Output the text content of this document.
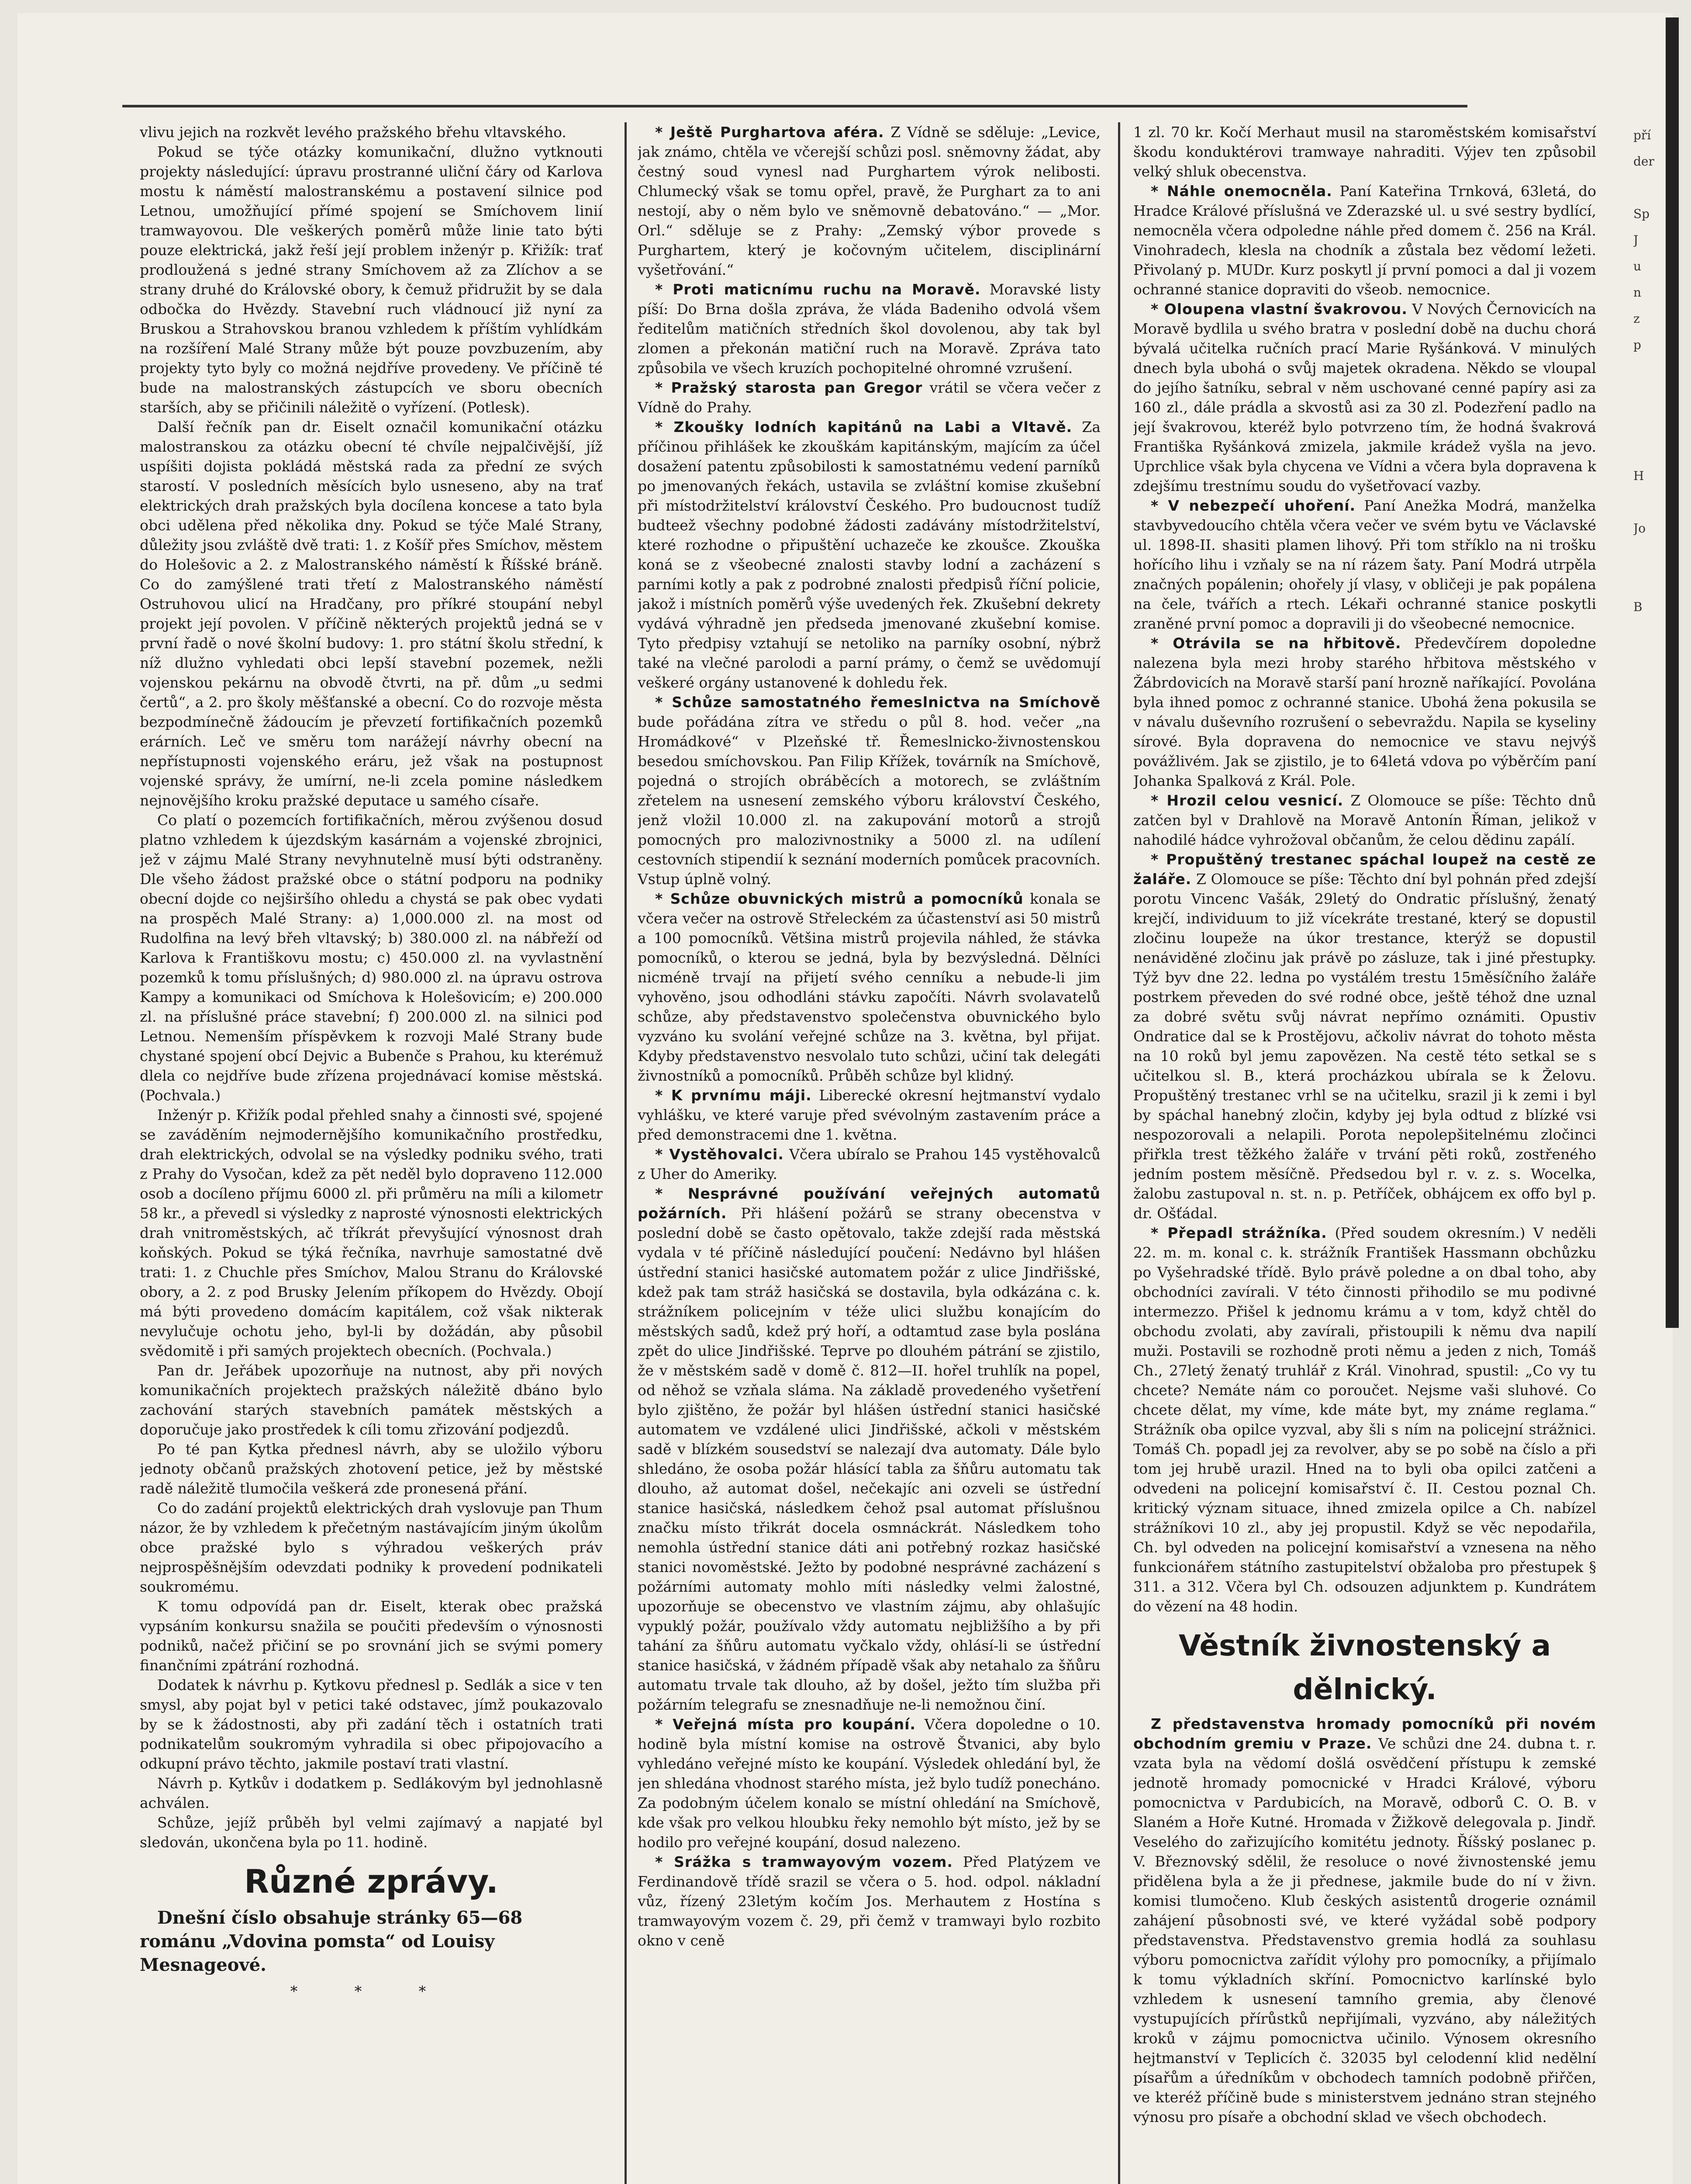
vlivu jejich na rozkvět levého pražského břehu vltavského.

Pokud se týče otázky komunikační, dlužno vytknouti projekty následující: úpravu prostranné uliční čáry od Karlova mostu k náměstí malostranskému a postavení silnice pod Letnou, umožňující přímé spojení se Smíchovem linií tramwayovou. Dle veškerých poměrů může linie tato býti pouze elektrická, jakž řeší její problem inženýr p. Křižík: trať prodloužená s jedné strany Smíchovem až za Zlíchov a se strany druhé do Královské obory, k čemuž přidružit by se dala odbočka do Hvězdy. Stavební ruch vládnoucí již nyní za Bruskou a Strahovskou branou vzhledem k příštím vyhlídkám na rozšíření Malé Strany může být pouze povzbuzením, aby projekty tyto byly co možná nejdříve provedeny. Ve příčině té bude na malostranských zástupcích ve sboru obecních starších, aby se přičinili náležitě o vyřízení. (Potlesk).

Další řečník pan dr. Eiselt označil komunikační otázku malostranskou za otázku obecní té chvíle nejpalčivější, jíž uspíšiti dojista pokládá městská rada za přední ze svých starostí. V posledních měsících bylo usneseno, aby na trať elektrických drah pražských byla docílena koncese a tato byla obci udělena před několika dny. Pokud se týče Malé Strany, důležity jsou zvláště dvě trati: 1. z Košíř přes Smíchov, městem do Holešovic a 2. z Malostranského náměstí k Říšské bráně. Co do zamýšlené trati třetí z Malostranského náměstí Ostruhovou ulicí na Hradčany, pro příkré stoupání nebyl projekt její povolen. V příčině některých projektů jedná se v první řadě o nové školní budovy: 1. pro státní školu střední, k níž dlužno vyhledati obci lepší stavební pozemek, nežli vojenskou pekárnu na obvodě čtvrti, na př. dům „u sedmi čertů“, a 2. pro školy měšťanské a obecní. Co do rozvoje města bezpodmínečně žádoucím je převzetí fortifikačních pozemků erárních. Leč ve směru tom narážejí návrhy obecní na nepřístupnosti vojenského eráru, jež však na postupnost vojenské správy, že umírní, ne-li zcela pomine následkem nejnovějšího kroku pražské deputace u samého císaře.

Co platí o pozemcích fortifikačních, měrou zvýšenou dosud platno vzhledem k újezdským kasárnám a vojenské zbrojnici, jež v zájmu Malé Strany nevyhnutelně musí býti odstraněny. Dle všeho žádost pražské obce o státní podporu na podniky obecní dojde co nejširšího ohledu a chystá se pak obec vydati na prospěch Malé Strany: a) 1,000.000 zl. na most od Rudolfina na levý břeh vltavský; b) 380.000 zl. na nábřeží od Karlova k Františkovu mostu; c) 450.000 zl. na vyvlastnění pozemků k tomu příslušných; d) 980.000 zl. na úpravu ostrova Kampy a komunikaci od Smíchova k Holešovicím; e) 200.000 zl. na příslušné práce stavební; f) 200.000 zl. na silnici pod Letnou. Nemenším příspěvkem k rozvoji Malé Strany bude chystané spojení obcí Dejvic a Bubenče s Prahou, ku kterémuž dlela co nejdříve bude zřízena projednávací komise městská. (Pochvala.)

Inženýr p. Křižík podal přehled snahy a činnosti své, spojené se zaváděním nejmodernějšího komunikačního prostředku, drah elektrických, odvolal se na výsledky podniku svého, trati z Prahy do Vysočan, kdež za pět neděl bylo dopraveno 112.000 osob a docíleno příjmu 6000 zl. při průměru na míli a kilometr 58 kr., a převedl si výsledky z naprosté výnosnosti elektrických drah vnitroměstských, ač tříkrát převyšující výnosnost drah koňských. Pokud se týká řečníka, navrhuje samostatné dvě trati: 1. z Chuchle přes Smíchov, Malou Stranu do Královské obory, a 2. z pod Brusky Jelením příkopem do Hvězdy. Obojí má býti provedeno domácím kapitálem, což však nikterak nevylučuje ochotu jeho, byl-li by dožádán, aby působil svědomitě i při samých projektech obecních. (Pochvala.)

Pan dr. Jeřábek upozorňuje na nutnost, aby při nových komunikačních projektech pražských náležitě dbáno bylo zachování starých stavebních památek městských a doporučuje jako prostředek k cíli tomu zřizování podjezdů.

Po té pan Kytka přednesl návrh, aby se uložilo výboru jednoty občanů pražských zhotovení petice, jež by městské radě náležitě tlumočila veškerá zde pronesená přání.

Co do zadání projektů elektrických drah vyslovuje pan Thum názor, že by vzhledem k přečetným nastávajícím jiným úkolům obce pražské bylo s výhradou veškerých práv nejprospěšnějším odevzdati podniky k provedení podnikateli soukromému.

K tomu odpovídá pan dr. Eiselt, kterak obec pražská vypsáním konkursu snažila se poučiti především o výnosnosti podniků, načež přičiní se po srovnání jich se svými pomery finančními zpátrání rozhodná.

Dodatek k návrhu p. Kytkovu přednesl p. Sedlák a sice v ten smysl, aby pojat byl v petici také odstavec, jímž poukazovalo by se k žádostnosti, aby při zadání těch i ostatních trati podnikatelům soukromým vyhradila si obec připojovacího a odkupní právo těchto, jakmile postaví trati vlastní.

Návrh p. Kytkův i dodatkem p. Sedlákovým byl jednohlasně achválen.

Schůze, jejíž průběh byl velmi zajímavý a napjaté byl sledován, ukončena byla po 11. hodině.

Různé zprávy.

Dnešní číslo obsahuje stránky 65—68 románu „Vdovina pomsta“ od Louisy Mesnageové.

* * *

* Ještě Purghartova aféra. Z Vídně se sděluje: „Levice, jak známo, chtěla ve včerejší schůzi posl. sněmovny žádat, aby čestný soud vynesl nad Purghartem výrok nelibosti. Chlumecký však se tomu opřel, pravě, že Purghart za to ani nestojí, aby o něm bylo ve sněmovně debatováno.“ — „Mor. Orl.“ sděluje se z Prahy: „Zemský výbor provede s Purghartem, který je kočovným učitelem, disciplinární vyšetřování.“

* Proti maticnímu ruchu na Moravě. Moravské listy píší: Do Brna došla zpráva, že vláda Badeniho odvolá všem ředitelům matičních středních škol dovolenou, aby tak byl zlomen a překonán matiční ruch na Moravě. Zpráva tato způsobila ve všech kruzích pochopitelné ohromné vzrušení.

* Pražský starosta pan Gregor vrátil se včera večer z Vídně do Prahy.

* Zkoušky lodních kapitánů na Labi a Vltavě. Za příčinou přihlášek ke zkouškám kapitánským, majícím za účel dosažení patentu způsobilosti k samostatnému vedení parníků po jmenovaných řekách, ustavila se zvláštní komise zkušební při místodržitelství království Českého. Pro budoucnost tudíž budteež všechny podobné žádosti zadávány místodržitelství, které rozhodne o připuštění uchazeče ke zkoušce. Zkouška koná se z všeobecné znalosti stavby lodní a zacházení s parními kotly a pak z podrobné znalosti předpisů říční policie, jakož i místních poměrů výše uvedených řek. Zkušební dekrety vydává výhradně jen předseda jmenované zkušební komise. Tyto předpisy vztahují se netoliko na parníky osobní, nýbrž také na vlečné parolodi a parní prámy, o čemž se uvědomují veškeré orgány ustanovené k dohledu řek.

* Schůze samostatného řemeslnictva na Smíchově bude pořádána zítra ve středu o půl 8. hod. večer „na Hromádkové“ v Plzeňské tř. Řemeslnicko-živnostenskou besedou smíchovskou. Pan Filip Křížek, továrník na Smíchově, pojedná o strojích obráběcích a motorech, se zvláštním zřetelem na usnesení zemského výboru království Českého, jenž vložil 10.000 zl. na zakupování motorů a strojů pomocných pro malozivnostniky a 5000 zl. na udílení cestovních stipendií k seznání moderních pomůcek pracovních. Vstup úplně volný.

* Schůze obuvnických mistrů a pomocníků konala se včera večer na ostrově Střeleckém za účastenství asi 50 mistrů a 100 pomocníků. Většina mistrů projevila náhled, že stávka pomocníků, o kterou se jedná, byla by bezvýsledná. Dělníci nicméně trvají na přijetí svého cenníku a nebude-li jim vyhověno, jsou odhodláni stávku započíti. Návrh svolavatelů schůze, aby představenstvo společenstva obuvnického bylo vyzváno ku svolání veřejné schůze na 3. května, byl přijat. Kdyby představenstvo nesvolalo tuto schůzi, učiní tak delegáti živnostníků a pomocníků. Průběh schůze byl klidný.

* K prvnímu máji. Liberecké okresní hejtmanství vydalo vyhlášku, ve které varuje před svévolným zastavením práce a před demonstracemi dne 1. května.

* Vystěhovalci. Včera ubíralo se Prahou 145 vystěhovalců z Uher do Ameriky.

* Nesprávné používání veřejných automatů požárních. Při hlášení požárů se strany obecenstva v poslední době se často opětovalo, takže zdejší rada městská vydala v té příčině následující poučení: Nedávno byl hlášen ústřední stanici hasičské automatem požár z ulice Jindřišské, kdež pak tam stráž hasičská se dostavila, byla odkázána c. k. strážníkem policejním v téže ulici službu konajícím do městských sadů, kdež prý hoří, a odtamtud zase byla poslána zpět do ulice Jindřišské. Teprve po dlouhém pátrání se zjistilo, že v městském sadě v domě č. 812—II. hořel truhlík na popel, od něhož se vzňala sláma. Na základě provedeného vyšetření bylo zjištěno, že požár byl hlášen ústřední stanici hasičské automatem ve vzdálené ulici Jindřišské, ačkoli v městském sadě v blízkém sousedství se nalezají dva automaty. Dále bylo shledáno, že osoba požár hlásící tabla za šňůru automatu tak dlouho, až automat došel, nečekajíc ani ozveli se ústřední stanice hasičská, následkem čehož psal automat příslušnou značku místo třikrát docela osmnáckrát. Následkem toho nemohla ústřední stanice dáti ani potřebný rozkaz hasičské stanici novoměstské. Ježto by podobné nesprávné zacházení s požárními automaty mohlo míti následky velmi žalostné, upozorňuje se obecenstvo ve vlastním zájmu, aby ohlašujíc vypuklý požár, používalo vždy automatu nejbližšího a by při tahání za šňůru automatu vyčkalo vždy, ohlásí-li se ústřední stanice hasičská, v žádném případě však aby netahalo za šňůru automatu trvale tak dlouho, až by došel, ježto tím služba při požárním telegrafu se znesnadňuje ne-li nemožnou činí.

* Veřejná místa pro koupání. Včera dopoledne o 10. hodině byla místní komise na ostrově Štvanici, aby bylo vyhledáno veřejné místo ke koupání. Výsledek ohledání byl, že jen shledána vhodnost starého místa, jež bylo tudíž ponecháno. Za podobným účelem konalo se místní ohledání na Smíchově, kde však pro velkou hloubku řeky nemohlo být místo, jež by se hodilo pro veřejné koupání, dosud nalezeno.

* Srážka s tramwayovým vozem. Před Platýzem ve Ferdinandově třídě srazil se včera o 5. hod. odpol. nákladní vůz, řízený 23letým kočím Jos. Merhautem z Hostína s tramwayovým vozem č. 29, při čemž v tramwayi bylo rozbito okno v ceně

1 zl. 70 kr. Kočí Merhaut musil na staroměstském komisařství škodu konduktérovi tramwaye nahraditi. Výjev ten způsobil velký shluk obecenstva.

* Náhle onemocněla. Paní Kateřina Trnková, 63letá, do Hradce Králové příslušná ve Zderazské ul. u své sestry bydlící, nemocněla včera odpoledne náhle před domem č. 256 na Král. Vinohradech, klesla na chodník a zůstala bez vědomí ležeti. Přivolaný p. MUDr. Kurz poskytl jí první pomoci a dal ji vozem ochranné stanice dopraviti do všeob. nemocnice.

* Oloupena vlastní švakrovou. V Nových Černovicích na Moravě bydlila u svého bratra v poslední době na duchu chorá bývalá učitelka ručních prací Marie Ryšánková. V minulých dnech byla ubohá o svůj majetek okradena. Někdo se vloupal do jejího šatníku, sebral v něm uschované cenné papíry asi za 160 zl., dále prádla a skvostů asi za 30 zl. Podezření padlo na její švakrovou, kteréž bylo potvrzeno tím, že hodná švakrová Františka Ryšánková zmizela, jakmile krádež vyšla na jevo. Uprchlice však byla chycena ve Vídni a včera byla dopravena k zdejšímu trestnímu soudu do vyšetřovací vazby.

* V nebezpečí uhoření. Paní Anežka Modrá, manželka stavbyvedoucího chtěla včera večer ve svém bytu ve Václavské ul. 1898-II. shasiti plamen lihový. Při tom stříklo na ni trošku hořícího lihu i vzňaly se na ní rázem šaty. Paní Modrá utrpěla značných popálenin; ohořely jí vlasy, v obličeji je pak popálena na čele, tvářích a rtech. Lékaři ochranné stanice poskytli zraněné první pomoc a dopravili ji do všeobecné nemocnice.

* Otrávila se na hřbitově. Předevčírem dopoledne nalezena byla mezi hroby starého hřbitova městského v Žábrdovicích na Moravě starší paní hrozně naříkající. Povolána byla ihned pomoc z ochranné stanice. Ubohá žena pokusila se v návalu duševního rozrušení o sebevraždu. Napila se kyseliny sírové. Byla dopravena do nemocnice ve stavu nejvýš povážlivém. Jak se zjistilo, je to 64letá vdova po výběrčím paní Johanka Spalková z Král. Pole.

* Hrozil celou vesnicí. Z Olomouce se píše: Těchto dnů zatčen byl v Drahlově na Moravě Antonín Říman, jelikož v nahodilé hádce vyhrožoval občanům, že celou dědinu zapálí.

* Propuštěný trestanec spáchal loupež na cestě ze žaláře. Z Olomouce se píše: Těchto dní byl pohnán před zdejší porotu Vincenc Vašák, 29letý do Ondratic příslušný, ženatý krejčí, individuum to již vícekráte trestané, který se dopustil zločinu loupeže na úkor trestance, kterýž se dopustil nenáviděné zločinu jak právě po zásluze, tak i jiné přestupky. Týž byv dne 22. ledna po vystálém trestu 15měsíčního žaláře postrkem převeden do své rodné obce, ještě téhož dne uznal za dobré světu svůj návrat nepřímo oznámiti. Opustiv Ondratice dal se k Prostějovu, ačkoliv návrat do tohoto města na 10 roků byl jemu zapovězen. Na cestě této setkal se s učitelkou sl. B., která procházkou ubírala se k Želovu. Propuštěný trestanec vrhl se na učitelku, srazil ji k zemi i byl by spáchal hanebný zločin, kdyby jej byla odtud z blízké vsi nespozorovali a nelapili. Porota nepolepšitelnému zločinci přiřkla trest těžkého žaláře v trvání pěti roků, zostřeného jedním postem měsíčně. Předsedou byl r. v. z. s. Wocelka, žalobu zastupoval n. st. n. p. Petříček, obhájcem ex offo byl p. dr. Ošťádal.

* Přepadl strážníka. (Před soudem okresním.) V neděli 22. m. m. konal c. k. strážník František Hassmann obchůzku po Vyšehradské třídě. Bylo právě poledne a on dbal toho, aby obchodníci zavírali. V této činnosti přihodilo se mu podivné intermezzo. Přišel k jednomu krámu a v tom, když chtěl do obchodu zvolati, aby zavírali, přistoupili k němu dva napilí muži. Postavili se rozhodně proti němu a jeden z nich, Tomáš Ch., 27letý ženatý truhlář z Král. Vinohrad, spustil: „Co vy tu chcete? Nemáte nám co poroučet. Nejsme vaši sluhové. Co chcete dělat, my víme, kde máte byt, my známe reglama.“ Strážník oba opilce vyzval, aby šli s ním na policejní strážnici. Tomáš Ch. popadl jej za revolver, aby se po sobě na číslo a při tom jej hrubě urazil. Hned na to byli oba opilci zatčeni a odvedeni na policejní komisařství č. II. Cestou poznal Ch. kritický význam situace, ihned zmizela opilce a Ch. nabízel strážníkovi 10 zl., aby jej propustil. Když se věc nepodařila, Ch. byl odveden na policejní komisařství a vznesena na něho funkcionářem státního zastupitelství obžaloba pro přestupek § 311. a 312. Včera byl Ch. odsouzen adjunktem p. Kundrátem do vězení na 48 hodin.

Věstník živnostenský a dělnický.

Z představenstva hromady pomocníků při novém obchodním gremiu v Praze. Ve schůzi dne 24. dubna t. r. vzata byla na vědomí došlá osvědčení přístupu k zemské jednotě hromady pomocnické v Hradci Králové, výboru pomocnictva v Pardubicích, na Moravě, odborů C. O. B. v Slaném a Hoře Kutné. Hromada v Žižkově delegovala p. Jindř. Veselého do zařizujícího komitétu jednoty. Říšský poslanec p. V. Březnovský sdělil, že resoluce o nové živnostenské jemu přidělena byla a že ji přednese, jakmile bude do ní v živn. komisi tlumočeno. Klub českých asistentů drogerie oznámil zahájení působnosti své, ve které vyžádal sobě podpory představenstva. Představenstvo gremia hodlá za souhlasu výboru pomocnictva zařídit výlohy pro pomocníky, a přijímalo k tomu výkladních skříní. Pomocnictvo karlínské bylo vzhledem k usnesení tamního gremia, aby členové vystupujících přírůstků nepřijímali, vyzváno, aby náležitých kroků v zájmu pomocnictva učinilo. Výnosem okresního hejtmanství v Teplicích č. 32035 byl celodenní klid nedělní písařům a úředníkům v obchodech tamních podobně přiřčen, ve kteréž příčině bude s ministerstvem jednáno stran stejného výnosu pro písaře a obchodní sklad ve všech obchodech.

pří
der

Sp
J
u
n
z
p

H

Jo

B
